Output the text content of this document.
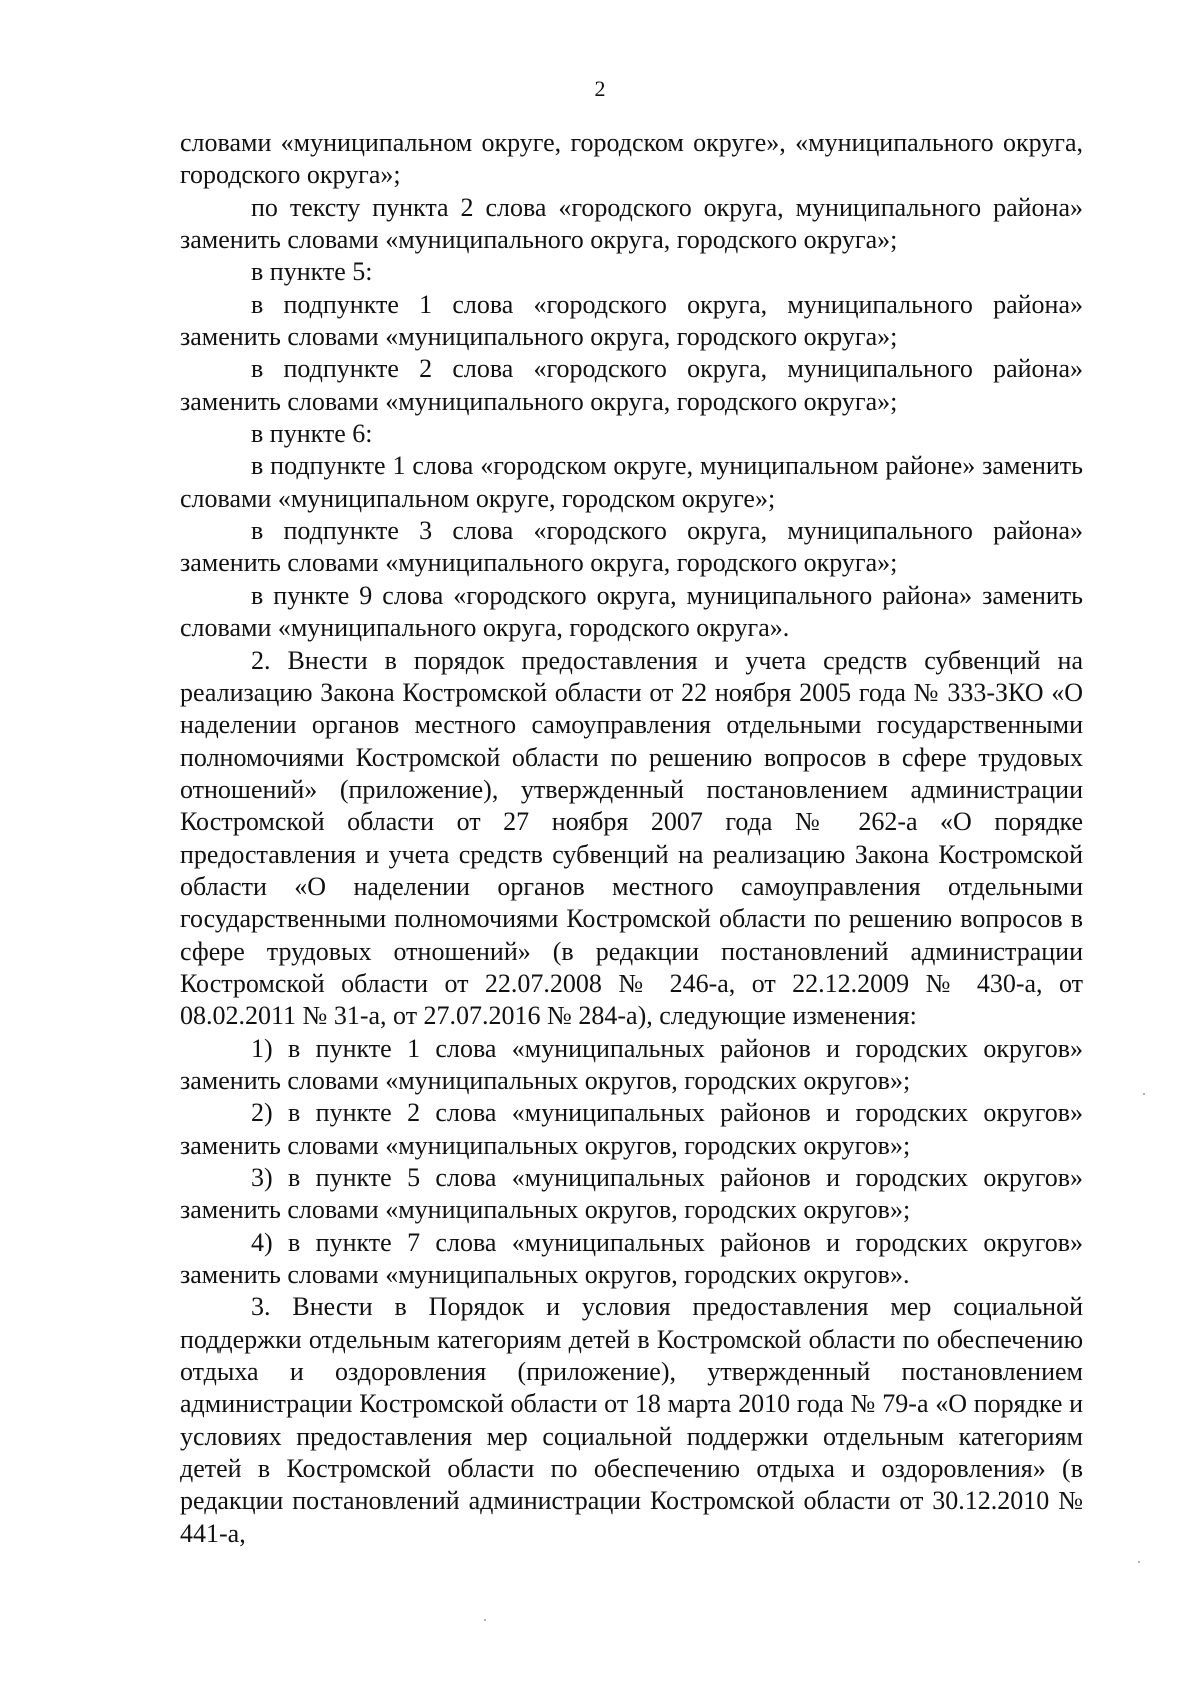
2

словами «муниципальном округе, городском округе», «муниципального округа, городского округа»;

по тексту пункта 2 слова «городского округа, муниципального района» заменить словами «муниципального округа, городского округа»;

в пункте 5:

в подпункте 1 слова «городского округа, муниципального района» заменить словами «муниципального округа, городского округа»;

в подпункте 2 слова «городского округа, муниципального района» заменить словами «муниципального округа, городского округа»;

в пункте 6:

в подпункте 1 слова «городском округе, муниципальном районе» заменить словами «муниципальном округе, городском округе»;

в подпункте 3 слова «городского округа, муниципального района» заменить словами «муниципального округа, городского округа»;

в пункте 9 слова «городского округа, муниципального района» заменить словами «муниципального округа, городского округа».

2. Внести в порядок предоставления и учета средств субвенций на реализацию Закона Костромской области от 22 ноября 2005 года № 333-ЗКО «О наделении органов местного самоуправления отдельными государственными полномочиями Костромской области по решению вопросов в сфере трудовых отношений» (приложение), утвержденный постановлением администрации Костромской области от 27 ноября 2007 года № 262-а «О порядке предоставления и учета средств субвенций на реализацию Закона Костромской области «О наделении органов местного самоуправления отдельными государственными полномочиями Костромской области по решению вопросов в сфере трудовых отношений» (в редакции постановлений администрации Костромской области от 22.07.2008 № 246-а, от 22.12.2009 № 430-а, от 08.02.2011 № 31-а, от 27.07.2016 № 284-а), следующие изменения:

1) в пункте 1 слова «муниципальных районов и городских округов» заменить словами «муниципальных округов, городских округов»;

2) в пункте 2 слова «муниципальных районов и городских округов» заменить словами «муниципальных округов, городских округов»;

3) в пункте 5 слова «муниципальных районов и городских округов» заменить словами «муниципальных округов, городских округов»;

4) в пункте 7 слова «муниципальных районов и городских округов» заменить словами «муниципальных округов, городских округов».

3. Внести в Порядок и условия предоставления мер социальной поддержки отдельным категориям детей в Костромской области по обеспечению отдыха и оздоровления (приложение), утвержденный постановлением администрации Костромской области от 18 марта 2010 года № 79-а «О порядке и условиях предоставления мер социальной поддержки отдельным категориям детей в Костромской области по обеспечению отдыха и оздоровления» (в редакции постановлений администрации Костромской области от 30.12.2010 № 441-а,
